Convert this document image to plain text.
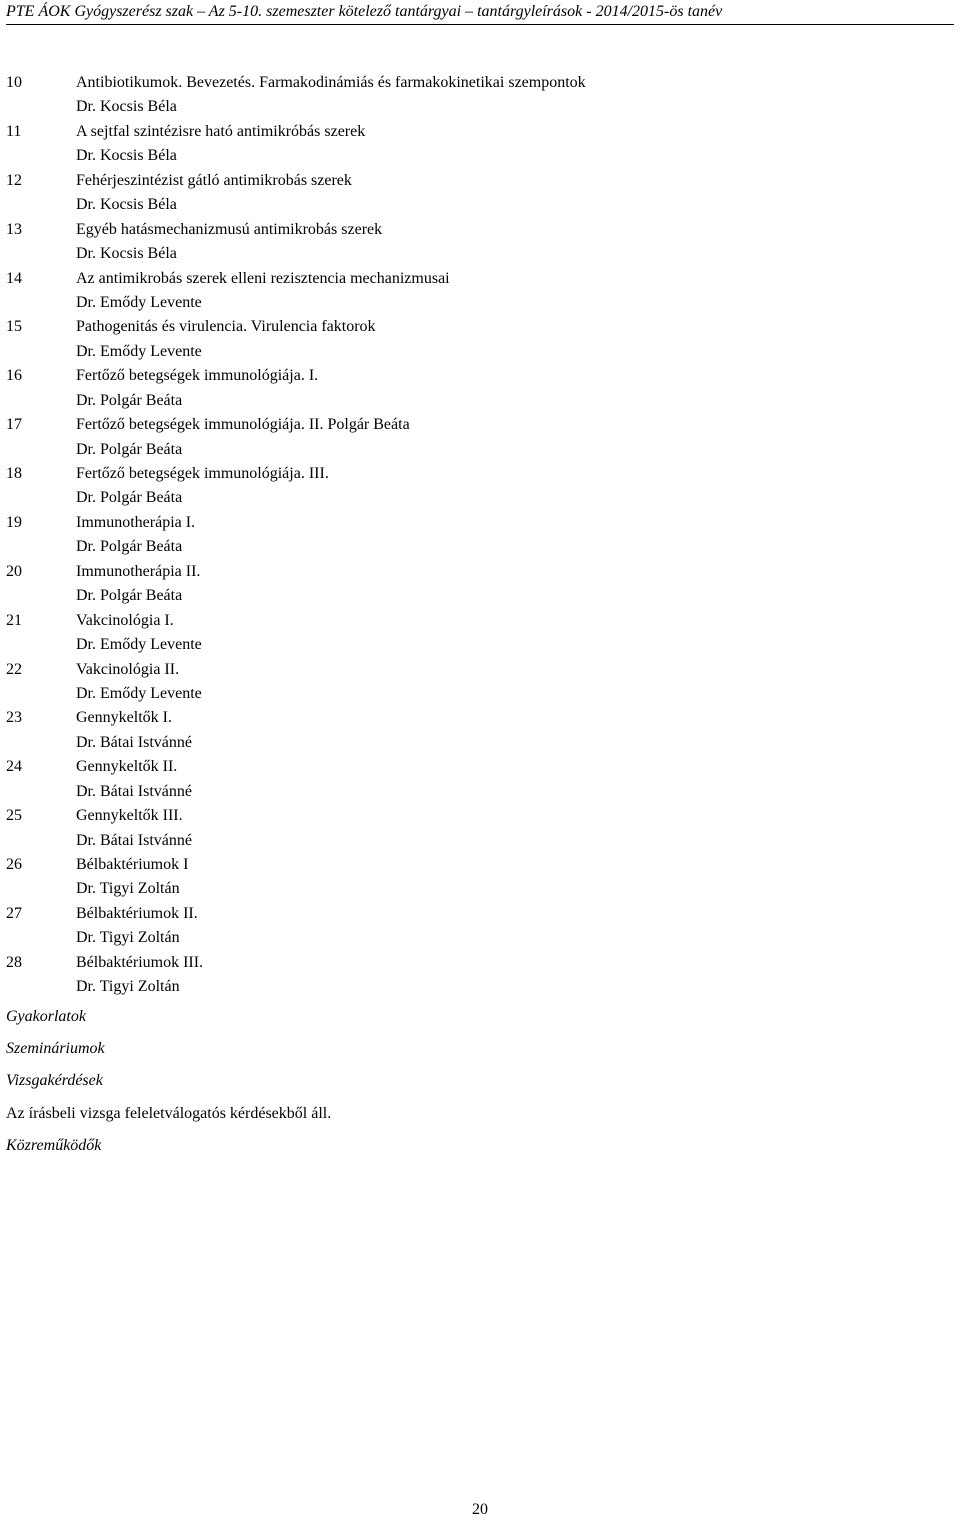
PTE ÁOK Gyógyszerész szak – Az 5-10. szemeszter kötelező tantárgyai – tantárgyleírások - 2014/2015-ös tanév
10	Antibiotikumok. Bevezetés. Farmakodinámiás és farmakokinetikai szempontok
Dr. Kocsis Béla
11	A sejtfal szintézisre ható antimikróbás szerek
Dr. Kocsis Béla
12	Fehérjeszintézist gátló antimikrobás szerek
Dr. Kocsis Béla
13	Egyéb hatásmechanizmusú antimikrobás szerek
Dr. Kocsis Béla
14	Az antimikrobás szerek elleni rezisztencia mechanizmusai
Dr. Emődy Levente
15	Pathogenitás és virulencia. Virulencia faktorok
Dr. Emődy Levente
16	Fertőző betegségek immunológiája. I.
Dr. Polgár Beáta
17	Fertőző betegségek immunológiája. II. Polgár Beáta
Dr. Polgár Beáta
18	Fertőző betegségek immunológiája. III.
Dr. Polgár Beáta
19	Immunotherápia I.
Dr. Polgár Beáta
20	Immunotherápia II.
Dr. Polgár Beáta
21	Vakcinológia I.
Dr. Emődy Levente
22	Vakcinológia II.
Dr. Emődy Levente
23	Gennykeltők I.
Dr. Bátai Istvánné
24	Gennykeltők II.
Dr. Bátai Istvánné
25	Gennykeltők III.
Dr. Bátai Istvánné
26	Bélbaktériumok I
Dr. Tigyi Zoltán
27	Bélbaktériumok II.
Dr. Tigyi Zoltán
28	Bélbaktériumok III.
Dr. Tigyi Zoltán
Gyakorlatok
Szemináriumok
Vizsgakérdések
Az írásbeli vizsga feleletválogatós kérdésekből áll.
Közreműködők
20
